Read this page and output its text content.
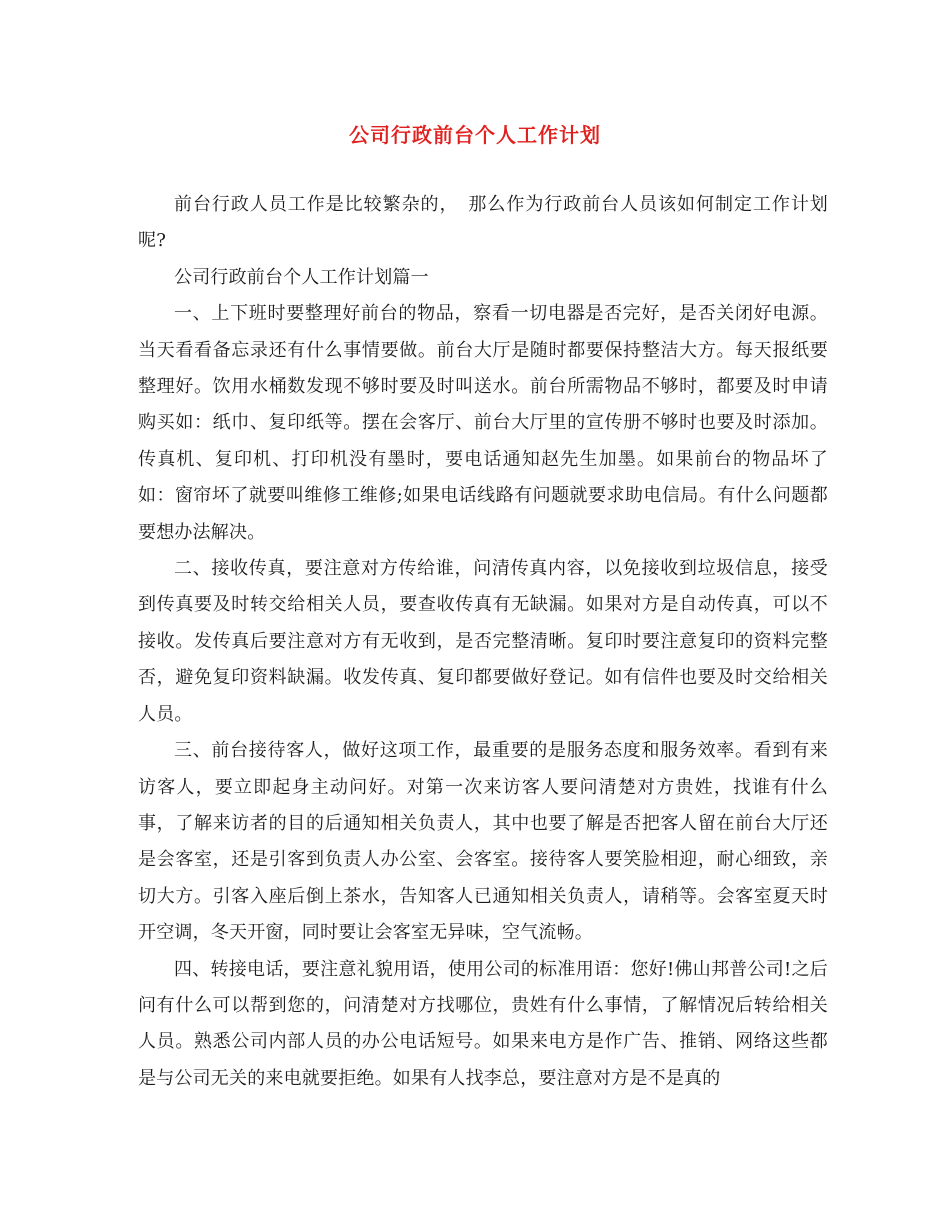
公司行政前台个人工作计划

前台行政人员工作是比较繁杂的，　那么作为行政前台人员该如何制定工作计划呢?

公司行政前台个人工作计划篇一

一、上下班时要整理好前台的物品，察看一切电器是否完好，是否关闭好电源。当天看看备忘录还有什么事情要做。前台大厅是随时都要保持整洁大方。每天报纸要整理好。饮用水桶数发现不够时要及时叫送水。前台所需物品不够时，都要及时申请购买如：纸巾、复印纸等。摆在会客厅、前台大厅里的宣传册不够时也要及时添加。传真机、复印机、打印机没有墨时，要电话通知赵先生加墨。如果前台的物品坏了如：窗帘坏了就要叫维修工维修;如果电话线路有问题就要求助电信局。有什么问题都要想办法解决。

二、接收传真，要注意对方传给谁，问清传真内容，以免接收到垃圾信息，接受到传真要及时转交给相关人员，要查收传真有无缺漏。如果对方是自动传真，可以不接收。发传真后要注意对方有无收到，是否完整清晰。复印时要注意复印的资料完整否，避免复印资料缺漏。收发传真、复印都要做好登记。如有信件也要及时交给相关人员。

三、前台接待客人，做好这项工作，最重要的是服务态度和服务效率。看到有来访客人，要立即起身主动问好。对第一次来访客人要问清楚对方贵姓，找谁有什么事，了解来访者的目的后通知相关负责人，其中也要了解是否把客人留在前台大厅还是会客室，还是引客到负责人办公室、会客室。接待客人要笑脸相迎，耐心细致，亲切大方。引客入座后倒上茶水，告知客人已通知相关负责人，请稍等。会客室夏天时开空调，冬天开窗，同时要让会客室无异味，空气流畅。

四、转接电话，要注意礼貌用语，使用公司的标准用语：您好!佛山邦普公司!之后问有什么可以帮到您的，问清楚对方找哪位，贵姓有什么事情，了解情况后转给相关人员。熟悉公司内部人员的办公电话短号。如果来电方是作广告、推销、网络这些都是与公司无关的来电就要拒绝。如果有人找李总，要注意对方是不是真的
